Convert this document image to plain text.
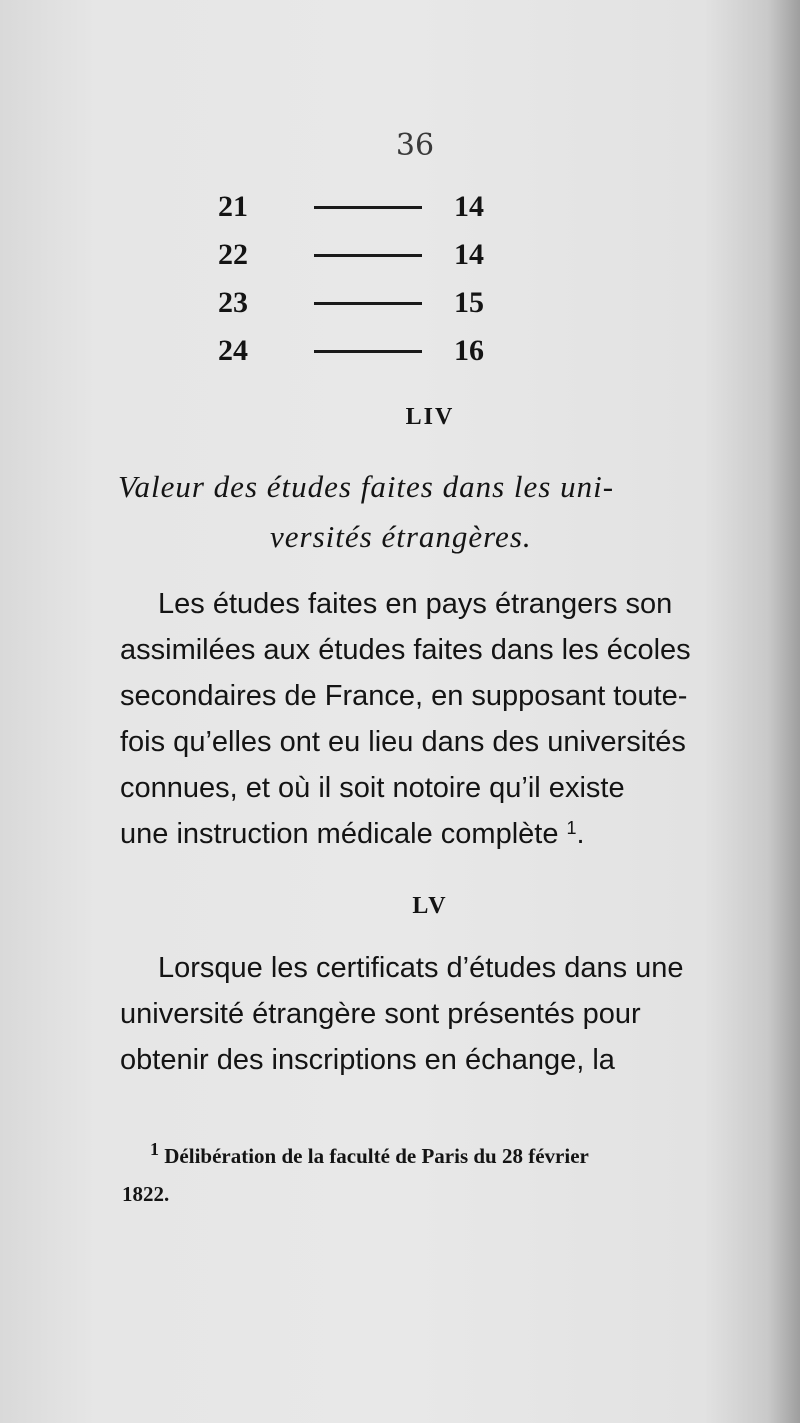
36
21	14
22	14
23	15
24	16
LIV
Valeur des études faites dans les uni-
versités étrangères.
Les études faites en pays étrangers son
assimilées aux études faites dans les écoles
secondaires de France, en supposant toute-
fois qu’elles ont eu lieu dans des universités
connues, et où il soit notoire qu’il existe
une instruction médicale complète
1 .
LV
Lorsque les certificats d’études dans une
université étrangère sont présentés pour
obtenir des inscriptions en échange, la
1 Délibération de la faculté de Paris du 28 février
1822.
